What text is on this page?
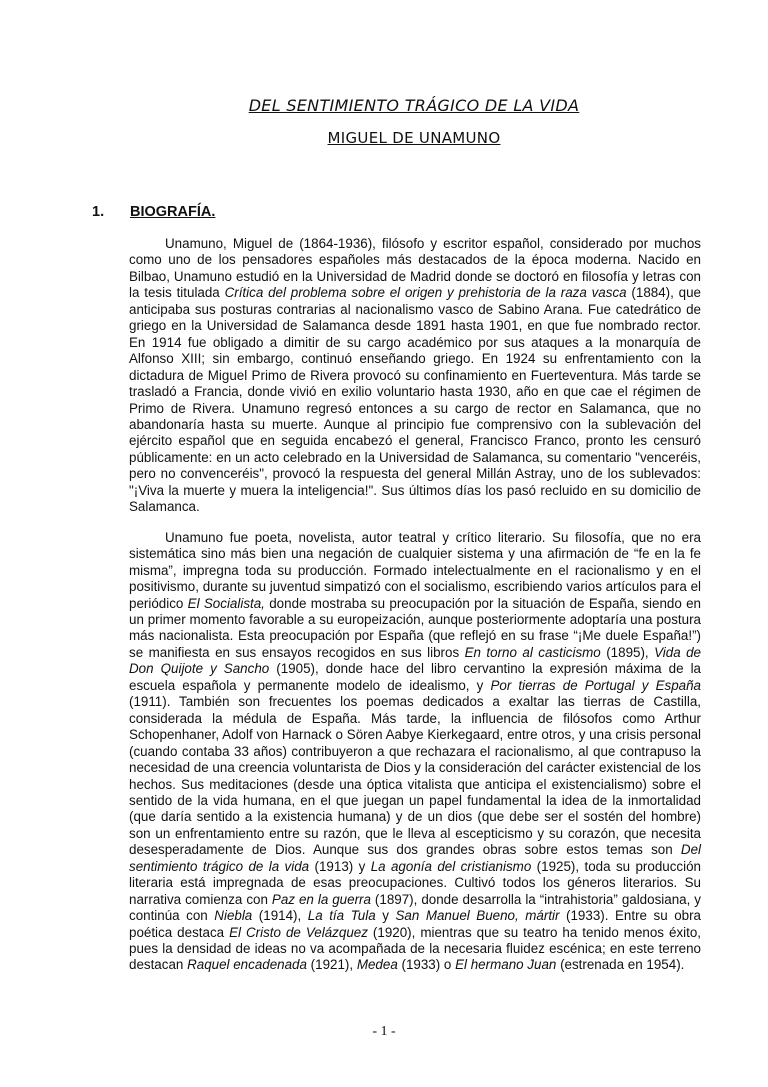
DEL SENTIMIENTO TRÁGICO DE LA VIDA
MIGUEL DE UNAMUNO
1. BIOGRAFÍA.

Unamuno, Miguel de (1864-1936), filósofo y escritor español, considerado por muchos como uno de los pensadores españoles más destacados de la época moderna. Nacido en Bilbao, Unamuno estudió en la Universidad de Madrid donde se doctoró en filosofía y letras con la tesis titulada Crítica del problema sobre el origen y prehistoria de la raza vasca (1884), que anticipaba sus posturas contrarias al nacionalismo vasco de Sabino Arana. Fue catedrático de griego en la Universidad de Salamanca desde 1891 hasta 1901, en que fue nombrado rector. En 1914 fue obligado a dimitir de su cargo académico por sus ataques a la monarquía de Alfonso XIII; sin embargo, continuó enseñando griego. En 1924 su enfrentamiento con la dictadura de Miguel Primo de Rivera provocó su confinamiento en Fuerteventura. Más tarde se trasladó a Francia, donde vivió en exilio voluntario hasta 1930, año en que cae el régimen de Primo de Rivera. Unamuno regresó entonces a su cargo de rector en Salamanca, que no abandonaría hasta su muerte. Aunque al principio fue comprensivo con la sublevación del ejército español que en seguida encabezó el general, Francisco Franco, pronto les censuró públicamente: en un acto celebrado en la Universidad de Salamanca, su comentario "venceréis, pero no convenceréis", provocó la respuesta del general Millán Astray, uno de los sublevados: "¡Viva la muerte y muera la inteligencia!". Sus últimos días los pasó recluido en su domicilio de Salamanca.

Unamuno fue poeta, novelista, autor teatral y crítico literario. Su filosofía, que no era sistemática sino más bien una negación de cualquier sistema y una afirmación de “fe en la fe misma”, impregna toda su producción. Formado intelectualmente en el racionalismo y en el positivismo, durante su juventud simpatizó con el socialismo, escribiendo varios artículos para el periódico El Socialista, donde mostraba su preocupación por la situación de España, siendo en un primer momento favorable a su europeización, aunque posteriormente adoptaría una postura más nacionalista. Esta preocupación por España (que reflejó en su frase “¡Me duele España!”) se manifiesta en sus ensayos recogidos en sus libros En torno al casticismo (1895), Vida de Don Quijote y Sancho (1905), donde hace del libro cervantino la expresión máxima de la escuela española y permanente modelo de idealismo, y Por tierras de Portugal y España (1911). También son frecuentes los poemas dedicados a exaltar las tierras de Castilla, considerada la médula de España. Más tarde, la influencia de filósofos como Arthur Schopenhaner, Adolf von Harnack o Sören Aabye Kierkegaard, entre otros, y una crisis personal (cuando contaba 33 años) contribuyeron a que rechazara el racionalismo, al que contrapuso la necesidad de una creencia voluntarista de Dios y la consideración del carácter existencial de los hechos. Sus meditaciones (desde una óptica vitalista que anticipa el existencialismo) sobre el sentido de la vida humana, en el que juegan un papel fundamental la idea de la inmortalidad (que daría sentido a la existencia humana) y de un dios (que debe ser el sostén del hombre) son un enfrentamiento entre su razón, que le lleva al escepticismo y su corazón, que necesita desesperadamente de Dios. Aunque sus dos grandes obras sobre estos temas son Del sentimiento trágico de la vida (1913) y La agonía del cristianismo (1925), toda su producción literaria está impregnada de esas preocupaciones. Cultivó todos los géneros literarios. Su narrativa comienza con Paz en la guerra (1897), donde desarrolla la “intrahistoria” galdosiana, y continúa con Niebla (1914), La tía Tula y San Manuel Bueno, mártir (1933). Entre su obra poética destaca El Cristo de Velázquez (1920), mientras que su teatro ha tenido menos éxito, pues la densidad de ideas no va acompañada de la necesaria fluidez escénica; en este terreno destacan Raquel encadenada (1921), Medea (1933) o El hermano Juan (estrenada en 1954).

- 1 -
